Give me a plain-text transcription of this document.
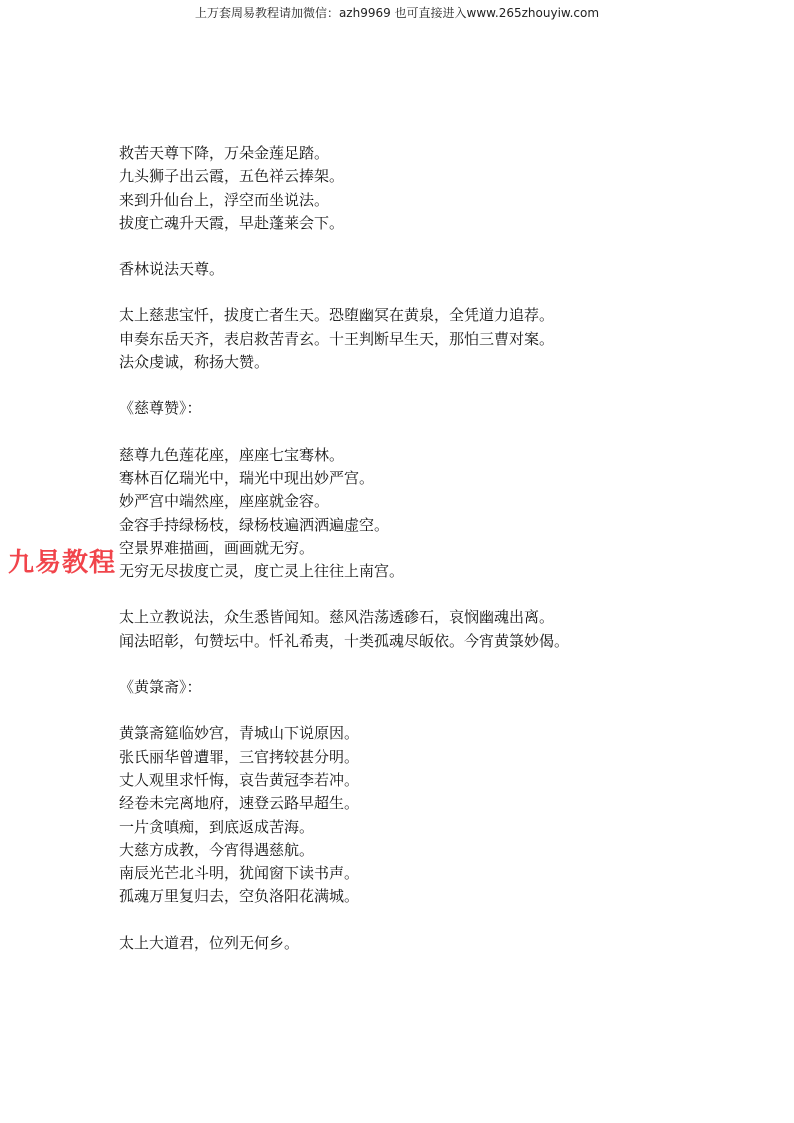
上万套周易教程请加微信：azh9969 也可直接进入www.265zhouyiw.com
救苦天尊下降，万朵金莲足踏。
九头狮子出云霞，五色祥云捧架。
来到升仙台上，浮空而坐说法。
拔度亡魂升天霞，早赴蓬莱会下。
香林说法天尊。
太上慈悲宝忏，拔度亡者生天。恐堕幽冥在黄泉，全凭道力追荐。
申奏东岳天齐，表启救苦青玄。十王判断早生天，那怕三曹对案。
法众虔诚，称扬大赞。
《慈尊赞》：
慈尊九色莲花座，座座七宝骞林。
骞林百亿瑞光中，瑞光中现出妙严宫。
妙严宫中端然座，座座就金容。
金容手持绿杨枝，绿杨枝遍洒洒遍虚空。
空景界难描画，画画就无穷。
无穷无尽拔度亡灵，度亡灵上往往上南宫。
太上立教说法，众生悉皆闻知。慈风浩荡透碜石，哀悯幽魂出离。
闻法昭彰，句赞坛中。忏礼希夷，十类孤魂尽皈依。今宵黄箓妙偈。
《黄箓斋》：
黄箓斋筵临妙宫，青城山下说原因。
张氏丽华曾遭罪，三官拷较甚分明。
丈人观里求忏悔，哀告黄冠李若冲。
经卷未完离地府，速登云路早超生。
一片贪嗔痴，到底返成苦海。
大慈方成教，今宵得遇慈航。
南辰光芒北斗明，犹闻窗下读书声。
孤魂万里复归去，空负洛阳花满城。
太上大道君，位列无何乡。
九易教程
